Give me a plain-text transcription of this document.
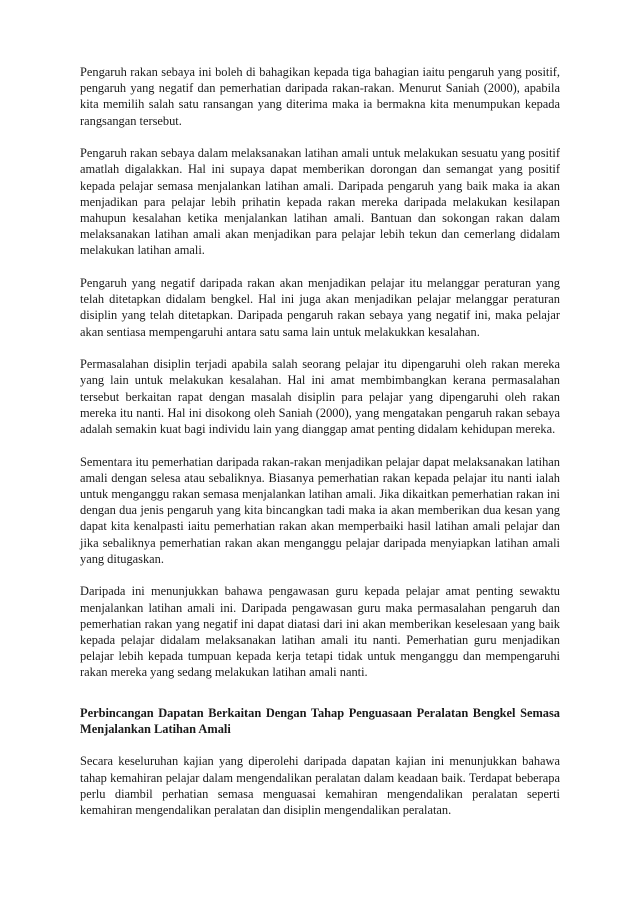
Pengaruh rakan sebaya ini boleh di bahagikan kepada tiga bahagian iaitu pengaruh yang positif, pengaruh yang negatif dan pemerhatian daripada rakan-rakan. Menurut Saniah (2000), apabila kita memilih salah satu ransangan yang diterima maka ia bermakna kita menumpukan kepada rangsangan tersebut.

Pengaruh rakan sebaya dalam melaksanakan latihan amali untuk melakukan sesuatu yang positif amatlah digalakkan. Hal ini supaya dapat memberikan dorongan dan semangat yang positif kepada pelajar semasa menjalankan latihan amali. Daripada pengaruh yang baik maka ia akan menjadikan para pelajar lebih prihatin kepada rakan mereka daripada melakukan kesilapan mahupun kesalahan ketika menjalankan latihan amali. Bantuan dan sokongan rakan dalam melaksanakan latihan amali akan menjadikan para pelajar lebih tekun dan cemerlang didalam melakukan latihan amali.

Pengaruh yang negatif daripada rakan akan menjadikan pelajar itu melanggar peraturan yang telah ditetapkan didalam bengkel. Hal ini juga akan menjadikan pelajar melanggar peraturan disiplin yang telah ditetapkan. Daripada pengaruh rakan sebaya yang negatif ini, maka pelajar akan sentiasa mempengaruhi antara satu sama lain untuk melakukkan kesalahan.

Permasalahan disiplin terjadi apabila salah seorang pelajar itu dipengaruhi oleh rakan mereka yang lain untuk melakukan kesalahan. Hal ini amat membimbangkan kerana permasalahan tersebut berkaitan rapat dengan masalah disiplin para pelajar yang dipengaruhi oleh rakan mereka itu nanti. Hal ini disokong oleh Saniah (2000), yang mengatakan pengaruh rakan sebaya adalah semakin kuat bagi individu lain yang dianggap amat penting didalam kehidupan mereka.

Sementara itu pemerhatian daripada rakan-rakan menjadikan pelajar dapat melaksanakan latihan amali dengan selesa atau sebaliknya. Biasanya pemerhatian rakan kepada pelajar itu nanti ialah untuk menganggu rakan semasa menjalankan latihan amali. Jika dikaitkan pemerhatian rakan ini dengan dua jenis pengaruh yang kita bincangkan tadi maka ia akan memberikan dua kesan yang dapat kita kenalpasti iaitu pemerhatian rakan akan memperbaiki hasil latihan amali pelajar dan jika sebaliknya pemerhatian rakan akan menganggu pelajar daripada menyiapkan latihan amali yang ditugaskan.

Daripada ini menunjukkan bahawa pengawasan guru kepada pelajar amat penting sewaktu menjalankan latihan amali ini. Daripada pengawasan guru maka permasalahan pengaruh dan pemerhatian rakan yang negatif ini dapat diatasi dari ini akan memberikan keselesaan yang baik kepada pelajar didalam melaksanakan latihan amali itu nanti. Pemerhatian guru menjadikan pelajar lebih kepada tumpuan kepada kerja tetapi tidak untuk menganggu dan mempengaruhi rakan mereka yang sedang melakukan latihan amali nanti.

Perbincangan Dapatan Berkaitan Dengan Tahap Penguasaan Peralatan Bengkel Semasa Menjalankan Latihan Amali

Secara keseluruhan kajian yang diperolehi daripada dapatan kajian ini menunjukkan bahawa tahap kemahiran pelajar dalam mengendalikan peralatan dalam keadaan baik. Terdapat beberapa perlu diambil perhatian semasa menguasai kemahiran mengendalikan peralatan seperti kemahiran mengendalikan peralatan dan disiplin mengendalikan peralatan.
